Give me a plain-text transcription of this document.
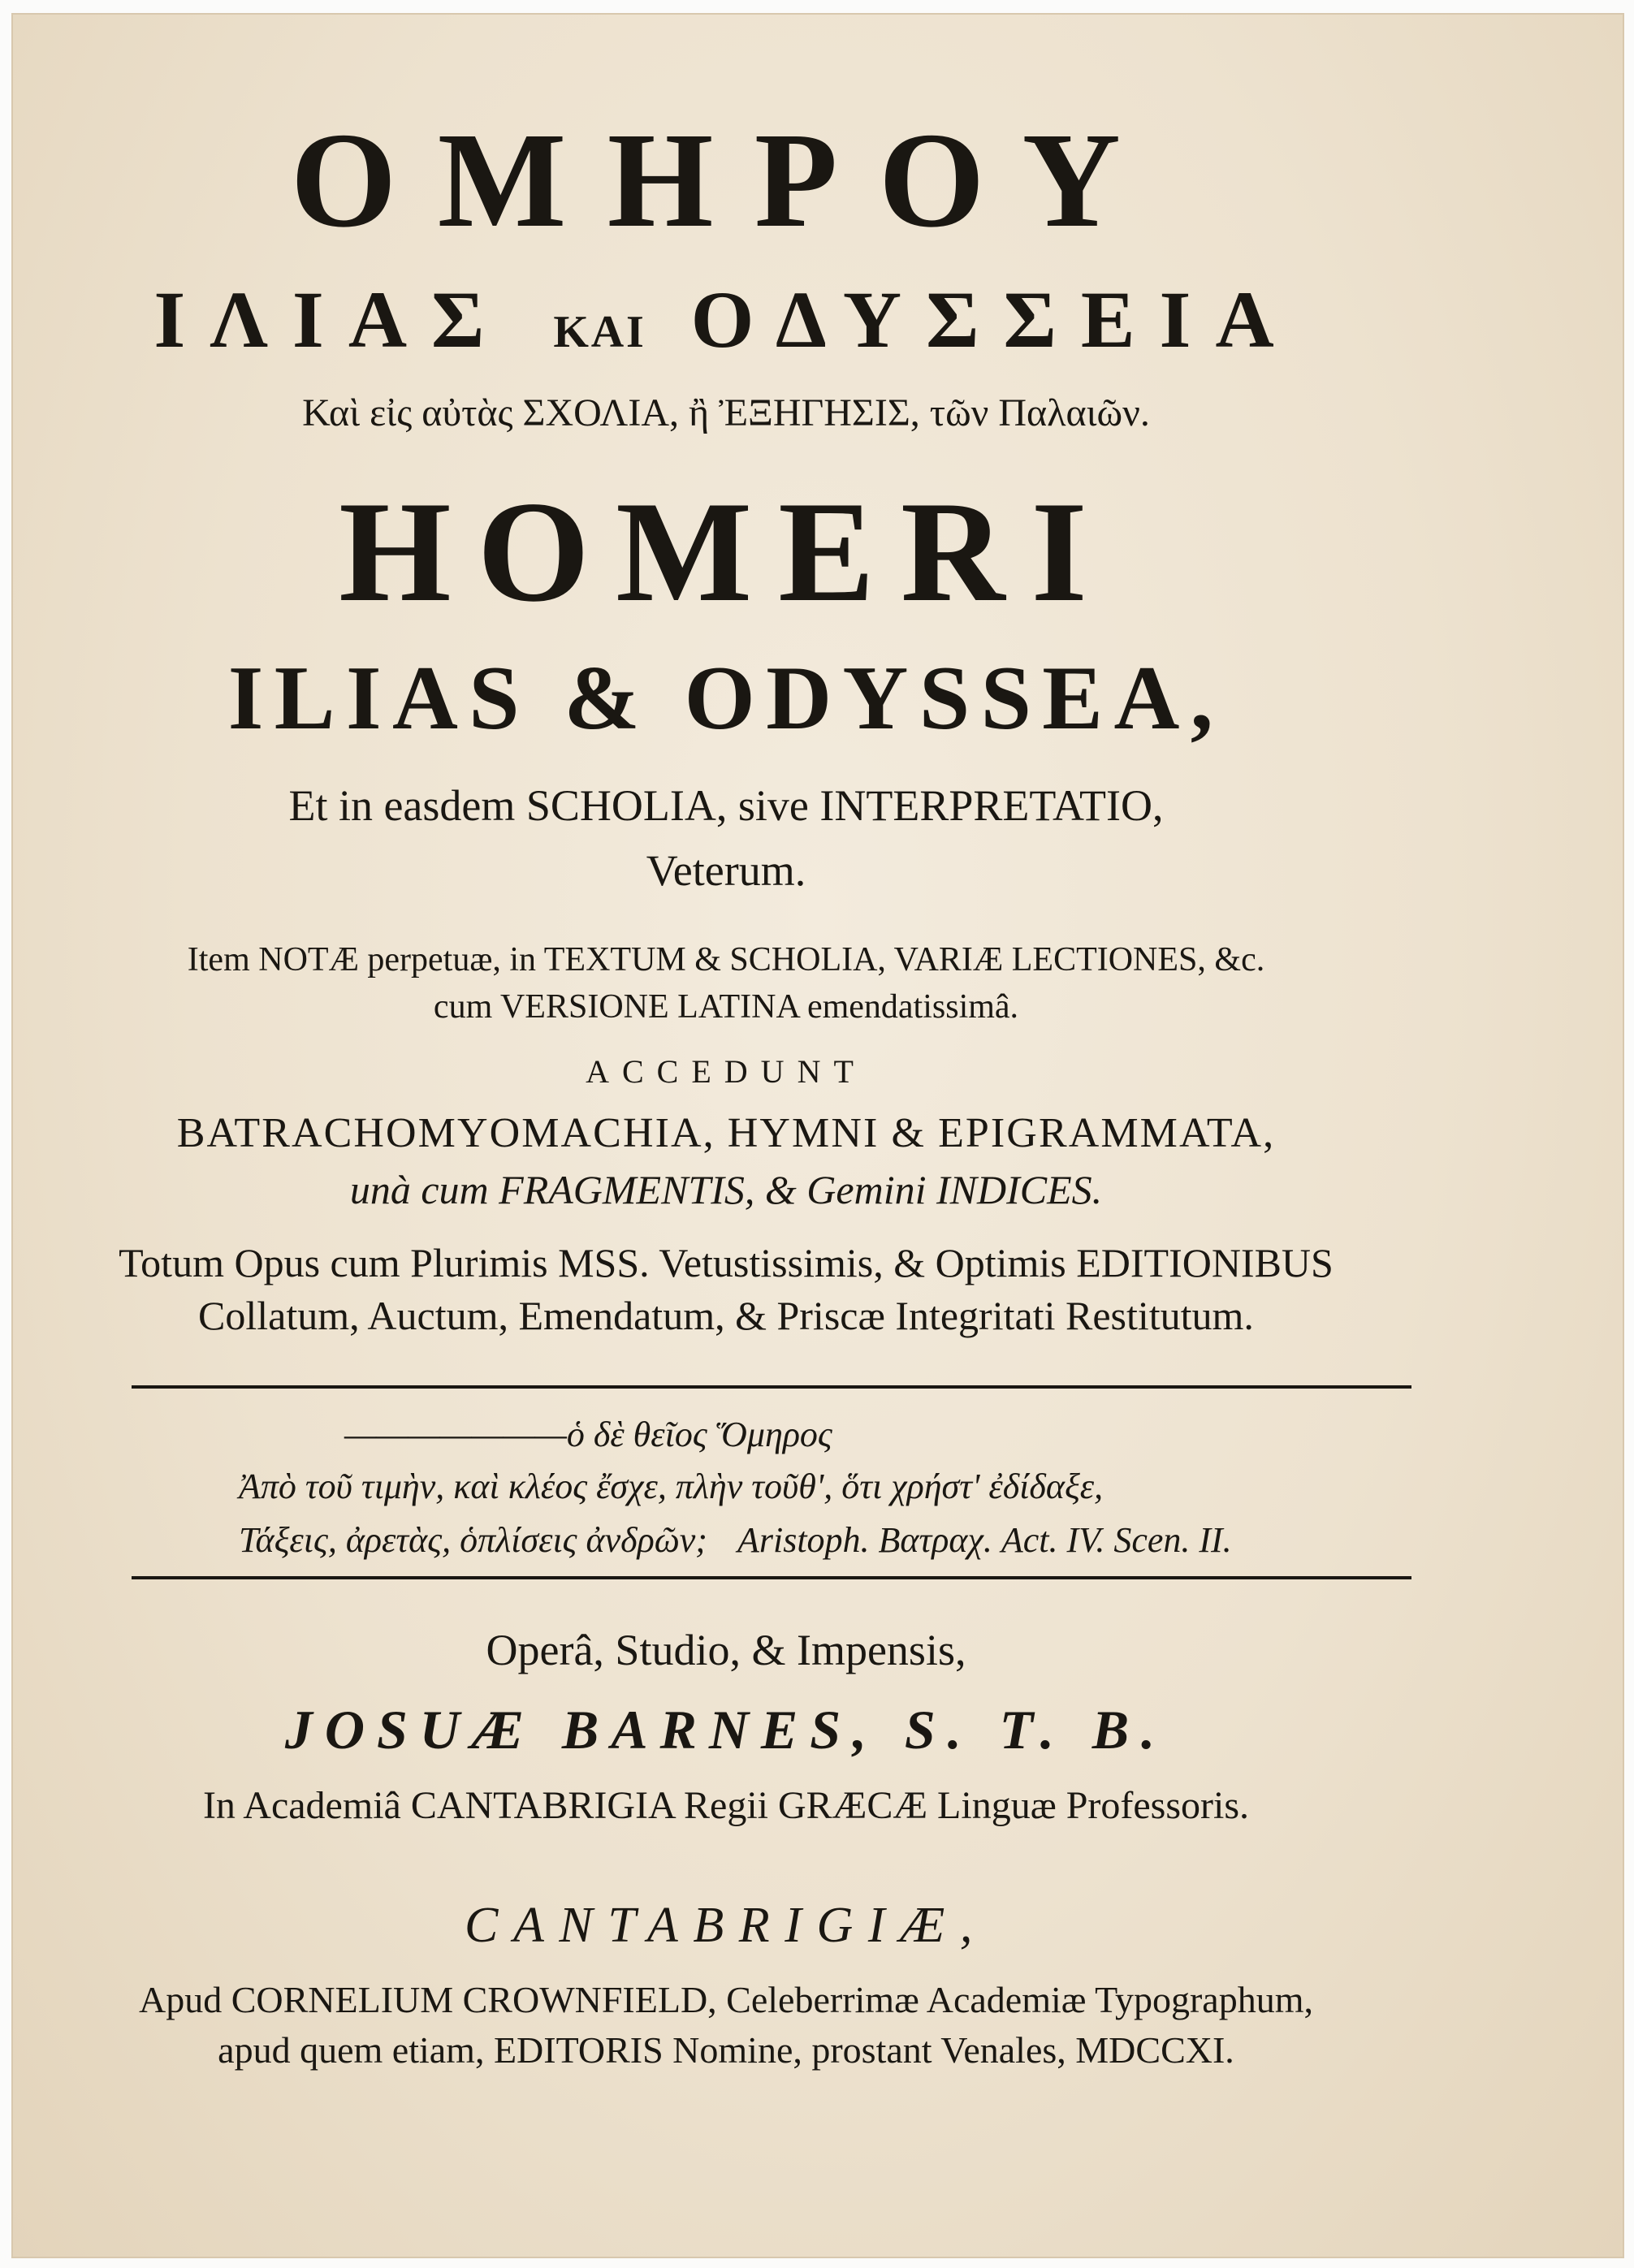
ΟΜΗΡΟΥ
ΙΛΙΑΣ ΚΑΙ ΟΔΥΣΣΕΙΑ
Καὶ εἰς αὐτὰς ΣΧΟΛΙΑ, ἢ ἘΞΗΓΗΣΙΣ, τῶν Παλαιῶν.
HOMERI
ILIAS & ODYSSEA,
Et in easdem SCHOLIA, sive INTERPRETATIO,
Veterum.
Item NOTÆ perpetuæ, in TEXTUM & SCHOLIA, VARIÆ LECTIONES, &c.
cum VERSIONE LATINA emendatissimâ.
ACCEDUNT
BATRACHOMYOMACHIA, HYMNI & EPIGRAMMATA,
unà cum FRAGMENTIS, & Gemini INDICES.
Totum Opus cum Plurimis MSS. Vetustissimis, & Optimis EDITIONIBUS
Collatum, Auctum, Emendatum, & Priscæ Integritati Restitutum.
———————ὁ δὲ θεῖος Ὅμηρος
Ἀπὸ τοῦ τιμὴν, καὶ κλέος ἔσχε, πλὴν τοῦθ', ὅτι χρήστ' ἐδίδαξε,
Τάξεις, ἀρετὰς, ὁπλίσεις ἀνδρῶν; Aristoph. Βατραχ. Act. IV. Scen. II.
Operâ, Studio, & Impensis,
JOSUÆ BARNES, S. T. B.
In Academiâ CANTABRIGIA Regii GRÆCÆ Linguæ Professoris.
CANTABRIGIÆ,
Apud CORNELIUM CROWNFIELD, Celeberrimæ Academiæ Typographum,
apud quem etiam, EDITORIS Nomine, prostant Venales, MDCCXI.
